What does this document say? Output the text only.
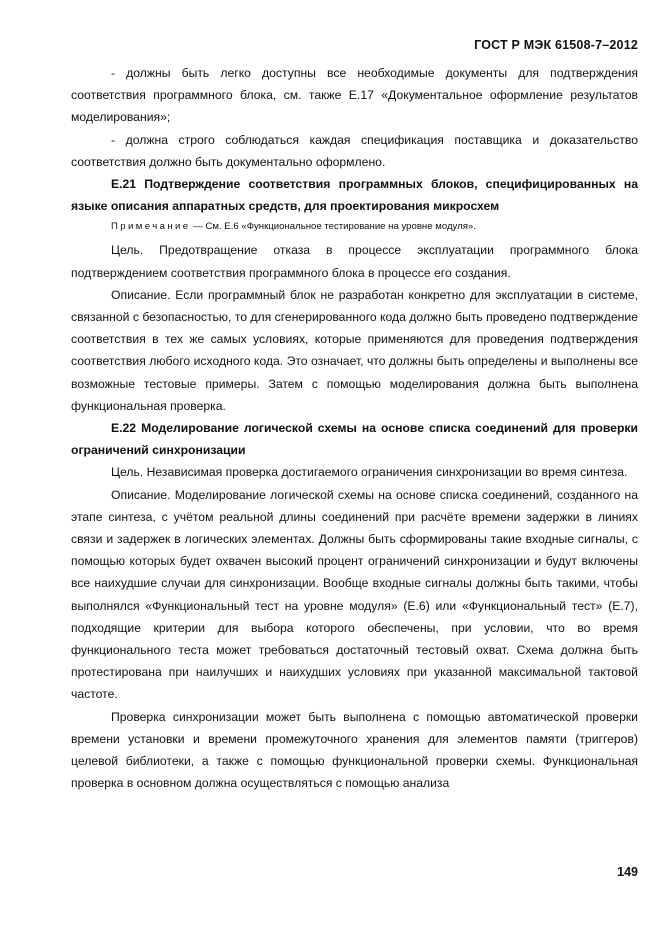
ГОСТ Р МЭК 61508-7–2012

- должны быть легко доступны все необходимые документы для подтверждения соответствия программного блока, см. также Е.17 «Документальное оформление результатов моделирования»;

- должна строго соблюдаться каждая спецификация поставщика и доказательство соответствия должно быть документально оформлено.

Е.21 Подтверждение соответствия программных блоков, специфицированных на языке описания аппаратных средств, для проектирования микросхем

Примечание — См. Е.6 «Функциональное тестирование на уровне модуля».

Цель. Предотвращение отказа в процессе эксплуатации программного блока подтверждением соответствия программного блока в процессе его создания.

Описание. Если программный блок не разработан конкретно для эксплуатации в системе, связанной с безопасностью, то для сгенерированного кода должно быть проведено подтверждение соответствия в тех же самых условиях, которые применяются для проведения подтверждения соответствия любого исходного кода. Это означает, что должны быть определены и выполнены все возможные тестовые примеры. Затем с помощью моделирования должна быть выполнена функциональная проверка.

Е.22 Моделирование логической схемы на основе списка соединений для проверки ограничений синхронизации

Цель. Независимая проверка достигаемого ограничения синхронизации во время синтеза.

Описание. Моделирование логической схемы на основе списка соединений, созданного на этапе синтеза, с учётом реальной длины соединений при расчёте времени задержки в линиях связи и задержек в логических элементах. Должны быть сформированы такие входные сигналы, с помощью которых будет охвачен высокий процент ограничений синхронизации и будут включены все наихудшие случаи для синхронизации. Вообще входные сигналы должны быть такими, чтобы выполнялся «Функциональный тест на уровне модуля» (Е.6) или «Функциональный тест» (Е.7), подходящие критерии для выбора которого обеспечены, при условии, что во время функционального теста может требоваться достаточный тестовый охват. Схема должна быть протестирована при наилучших и наихудших условиях при указанной максимальной тактовой частоте.

Проверка синхронизации может быть выполнена с помощью автоматической проверки времени установки и времени промежуточного хранения для элементов памяти (триггеров) целевой библиотеки, а также с помощью функциональной проверки схемы. Функциональная проверка в основном должна осуществляться с помощью анализа

149
